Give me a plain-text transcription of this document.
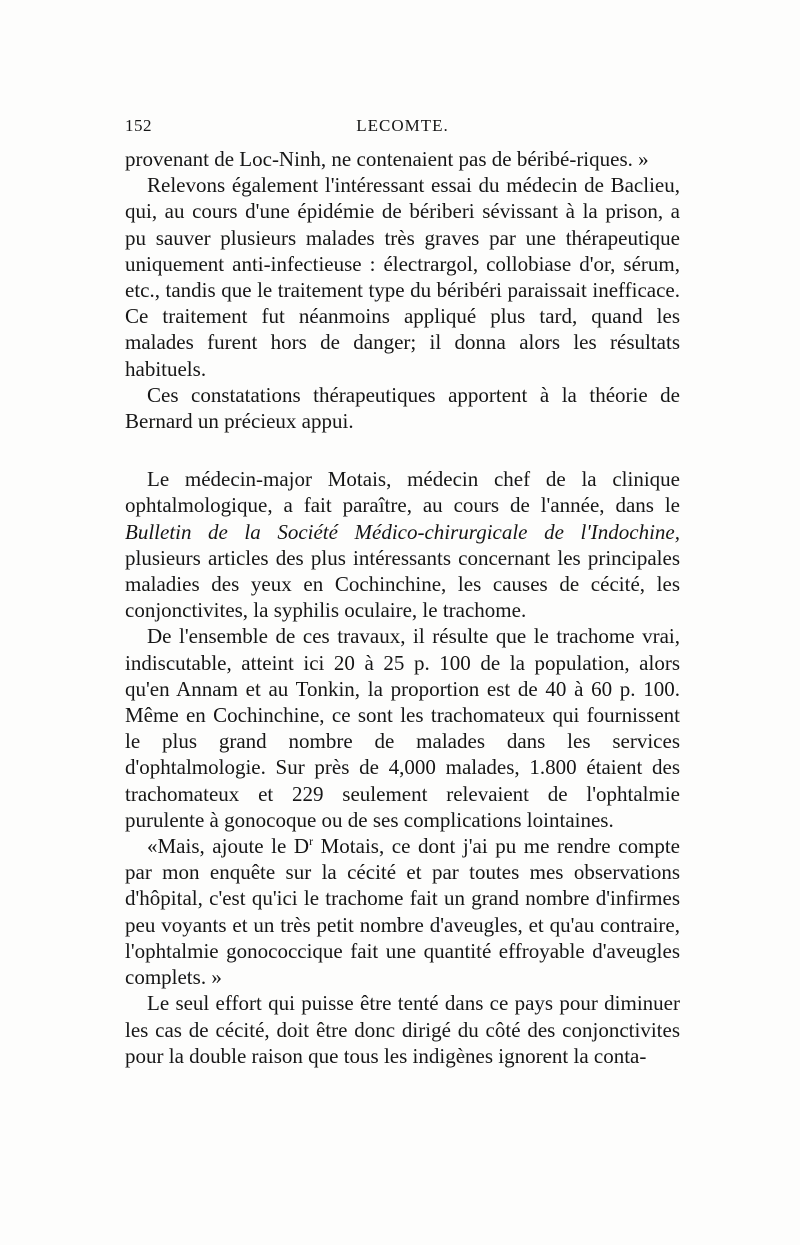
152	LECOMTE.

provenant de Loc-Ninh, ne contenaient pas de béribé-riques. »

Relevons également l'intéressant essai du médecin de Baclieu, qui, au cours d'une épidémie de bériberi sévissant à la prison, a pu sauver plusieurs malades très graves par une thérapeutique uniquement anti-infectieuse : électrargol, collobiase d'or, sérum, etc., tandis que le traitement type du béribéri paraissait inefficace. Ce traitement fut néanmoins appliqué plus tard, quand les malades furent hors de danger; il donna alors les résultats habituels.

Ces constatations thérapeutiques apportent à la théorie de Bernard un précieux appui.

Le médecin-major Motais, médecin chef de la clinique ophtalmologique, a fait paraître, au cours de l'année, dans le Bulletin de la Société Médico-chirurgicale de l'Indochine, plusieurs articles des plus intéressants concernant les principales maladies des yeux en Cochinchine, les causes de cécité, les conjonctivites, la syphilis oculaire, le trachome.

De l'ensemble de ces travaux, il résulte que le trachome vrai, indiscutable, atteint ici 20 à 25 p. 100 de la population, alors qu'en Annam et au Tonkin, la proportion est de 40 à 60 p. 100. Même en Cochinchine, ce sont les trachomateux qui fournissent le plus grand nombre de malades dans les services d'ophtalmologie. Sur près de 4,000 malades, 1.800 étaient des trachomateux et 229 seulement relevaient de l'ophtalmie purulente à gonocoque ou de ses complications lointaines.

«Mais, ajoute le $D^r$ Motais, ce dont j'ai pu me rendre compte par mon enquête sur la cécité et par toutes mes observations d'hôpital, c'est qu'ici le trachome fait un grand nombre d'infirmes peu voyants et un très petit nombre d'aveugles, et qu'au contraire, l'ophtalmie gonococcique fait une quantité effroyable d'aveugles complets. »

Le seul effort qui puisse être tenté dans ce pays pour diminuer les cas de cécité, doit être donc dirigé du côté des conjonctivites pour la double raison que tous les indigènes ignorent la conta-
